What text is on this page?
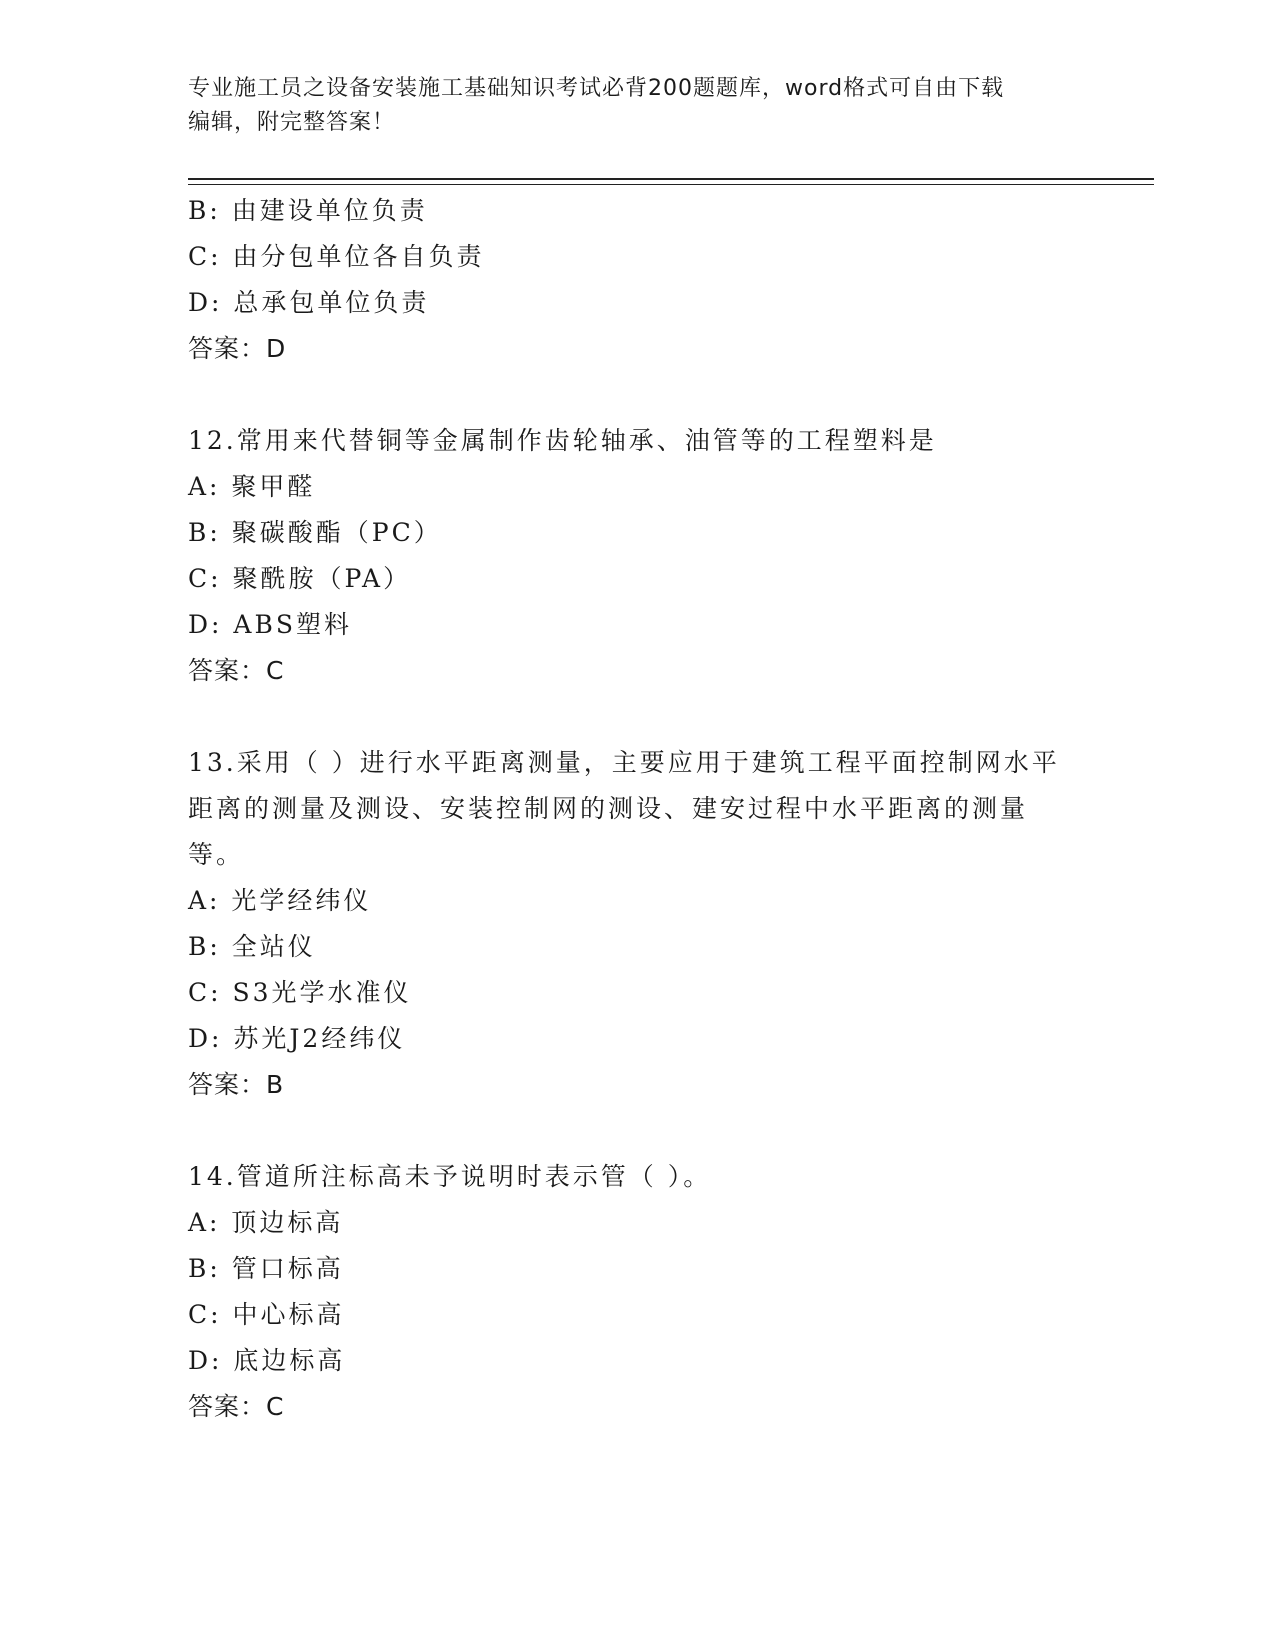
专业施工员之设备安装施工基础知识考试必背200题题库，word格式可自由下载
编辑，附完整答案！
B: 由建设单位负责
C: 由分包单位各自负责
D: 总承包单位负责
答案：D
12.常用来代替铜等金属制作齿轮轴承、油管等的工程塑料是
A: 聚甲醛
B: 聚碳酸酯（PC）
C: 聚酰胺（PA）
D: ABS塑料
答案：C
13.采用（ ）进行水平距离测量，主要应用于建筑工程平面控制网水平距离的测量及测设、安装控制网的测设、建安过程中水平距离的测量等。
A: 光学经纬仪
B: 全站仪
C: S3光学水准仪
D: 苏光J2经纬仪
答案：B
14.管道所注标高未予说明时表示管（ ）。
A: 顶边标高
B: 管口标高
C: 中心标高
D: 底边标高
答案：C
